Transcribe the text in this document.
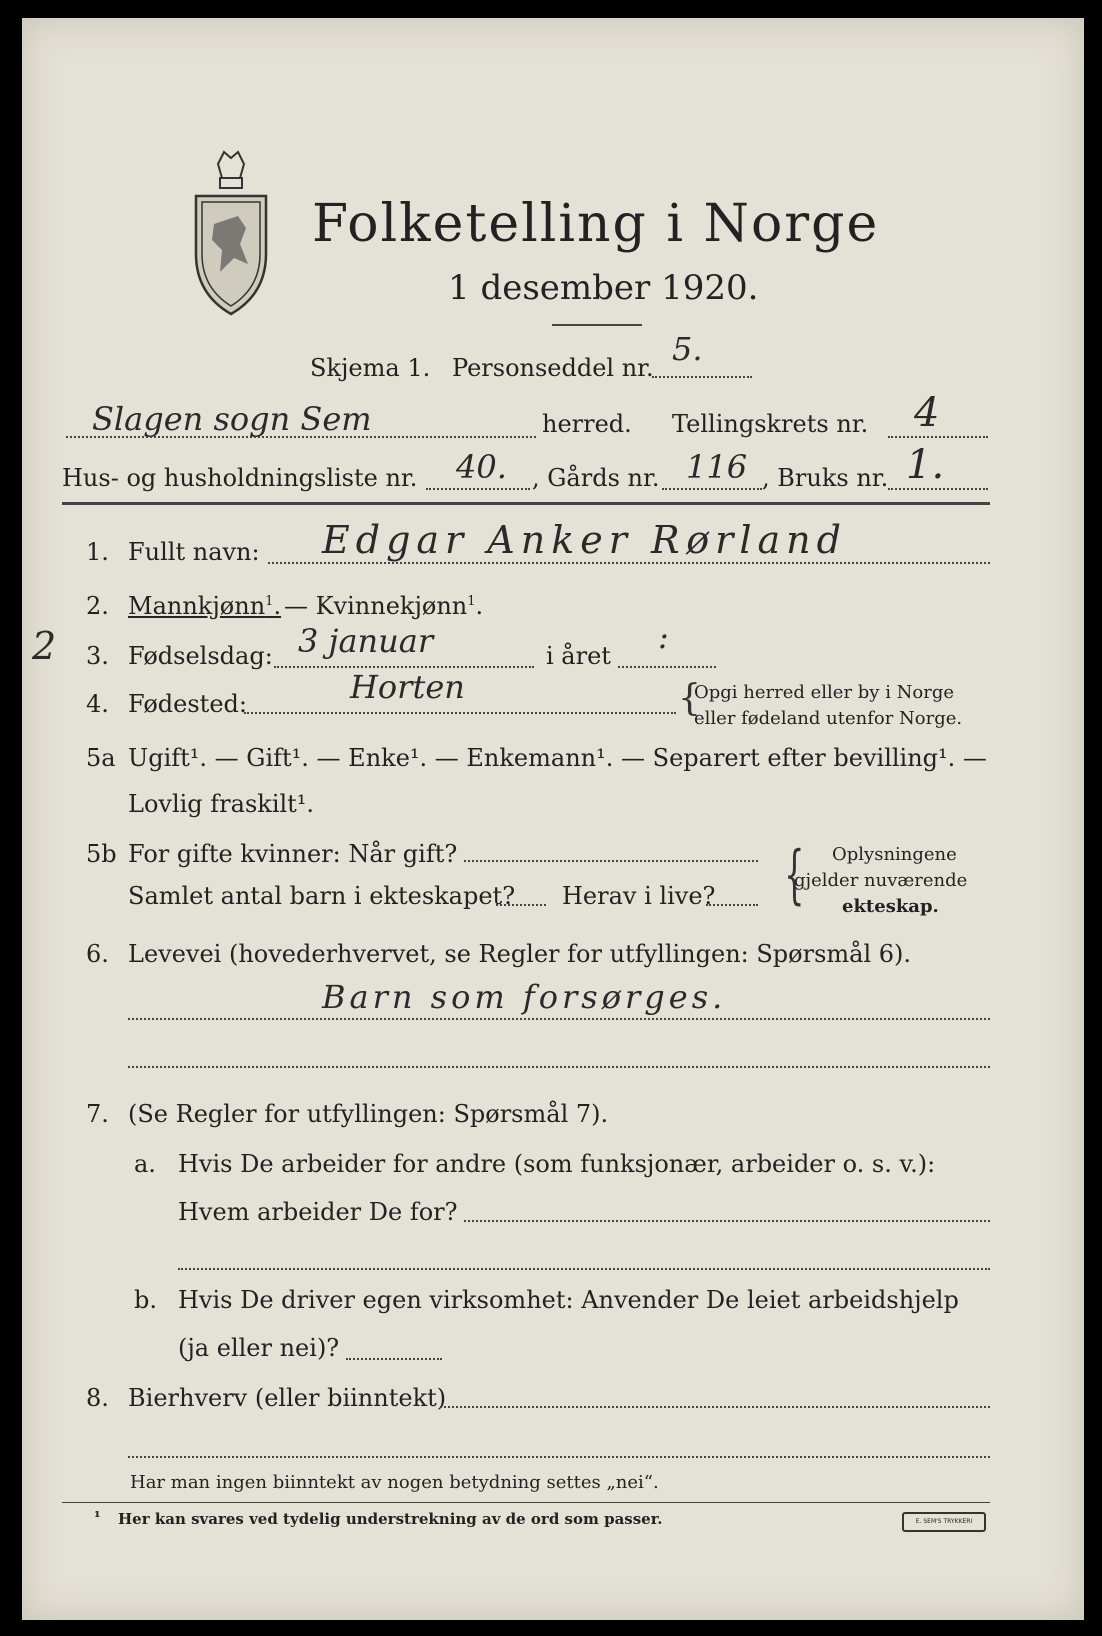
Folketelling i Norge
1 desember 1920.
Skjema 1. Personseddel nr. 5.
Slagen sogn Sem	herred. Tellingskrets nr. 4
Hus- og husholdningsliste nr. 40. , Gårds nr. 116 , Bruks nr. 1.
1. Fullt navn: Edgar Anker Rørland
2. Mannkjønn$^1$. — Kvinnekjønn$^1$.
2 3. Fødselsdag: 3 januar	i året :
4. Fødested:	Horten	{
Opgi herred eller by i Norge
eller fødeland utenfor Norge.
5a Ugift¹. — Gift¹. — Enke¹. — Enkemann¹. — Separert efter bevilling¹. —
Lovlig fraskilt¹.
5b For gifte kvinner: Når gift?
Samlet antal barn i ekteskapet? Herav i live? { Oplysningene
gjelder nuværende
ekteskap.
6. Levevei (hovederhvervet, se Regler for utfyllingen: Spørsmål 6).
Barn som forsørges.
7. (Se Regler for utfyllingen: Spørsmål 7).
a. Hvis De arbeider for andre (som funksjonær, arbeider o. s. v.):
Hvem arbeider De for?
b. Hvis De driver egen virksomhet: Anvender De leiet arbeidshjelp
(ja eller nei)?
8. Bierhverv (eller biinntekt)
Har man ingen biinntekt av nogen betydning settes „nei“.
¹ Her kan svares ved tydelig understrekning av de ord som passer.	E. SEM'S TRYKKERI
